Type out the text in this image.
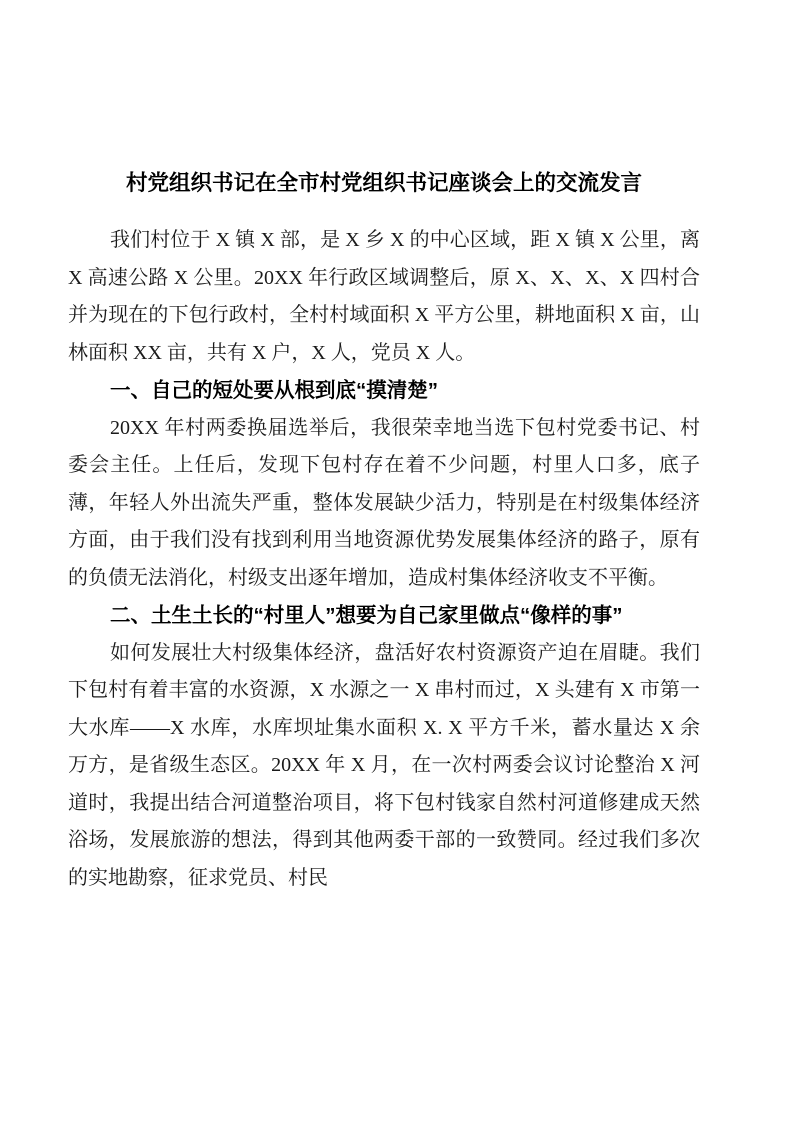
村党组织书记在全市村党组织书记座谈会上的交流发言

我们村位于 X 镇 X 部，是 X 乡 X 的中心区域，距 X 镇 X 公里，离 X 高速公路 X 公里。20XX 年行政区域调整后，原 X、X、X、X 四村合并为现在的下包行政村，全村村域面积 X 平方公里，耕地面积 X 亩，山林面积 XX 亩，共有 X 户，X 人，党员 X 人。

一、自己的短处要从根到底“摸清楚”

20XX 年村两委换届选举后，我很荣幸地当选下包村党委书记、村委会主任。上任后，发现下包村存在着不少问题，村里人口多，底子薄，年轻人外出流失严重，整体发展缺少活力，特别是在村级集体经济方面，由于我们没有找到利用当地资源优势发展集体经济的路子，原有的负债无法消化，村级支出逐年增加，造成村集体经济收支不平衡。

二、土生土长的“村里人”想要为自己家里做点“像样的事”

如何发展壮大村级集体经济，盘活好农村资源资产迫在眉睫。我们下包村有着丰富的水资源，X 水源之一 X 串村而过，X 头建有 X 市第一大水库——X 水库，水库坝址集水面积 X. X 平方千米，蓄水量达 X 余万方，是省级生态区。20XX 年 X 月，在一次村两委会议讨论整治 X 河道时，我提出结合河道整治项目，将下包村钱家自然村河道修建成天然浴场，发展旅游的想法，得到其他两委干部的一致赞同。经过我们多次的实地勘察，征求党员、村民
